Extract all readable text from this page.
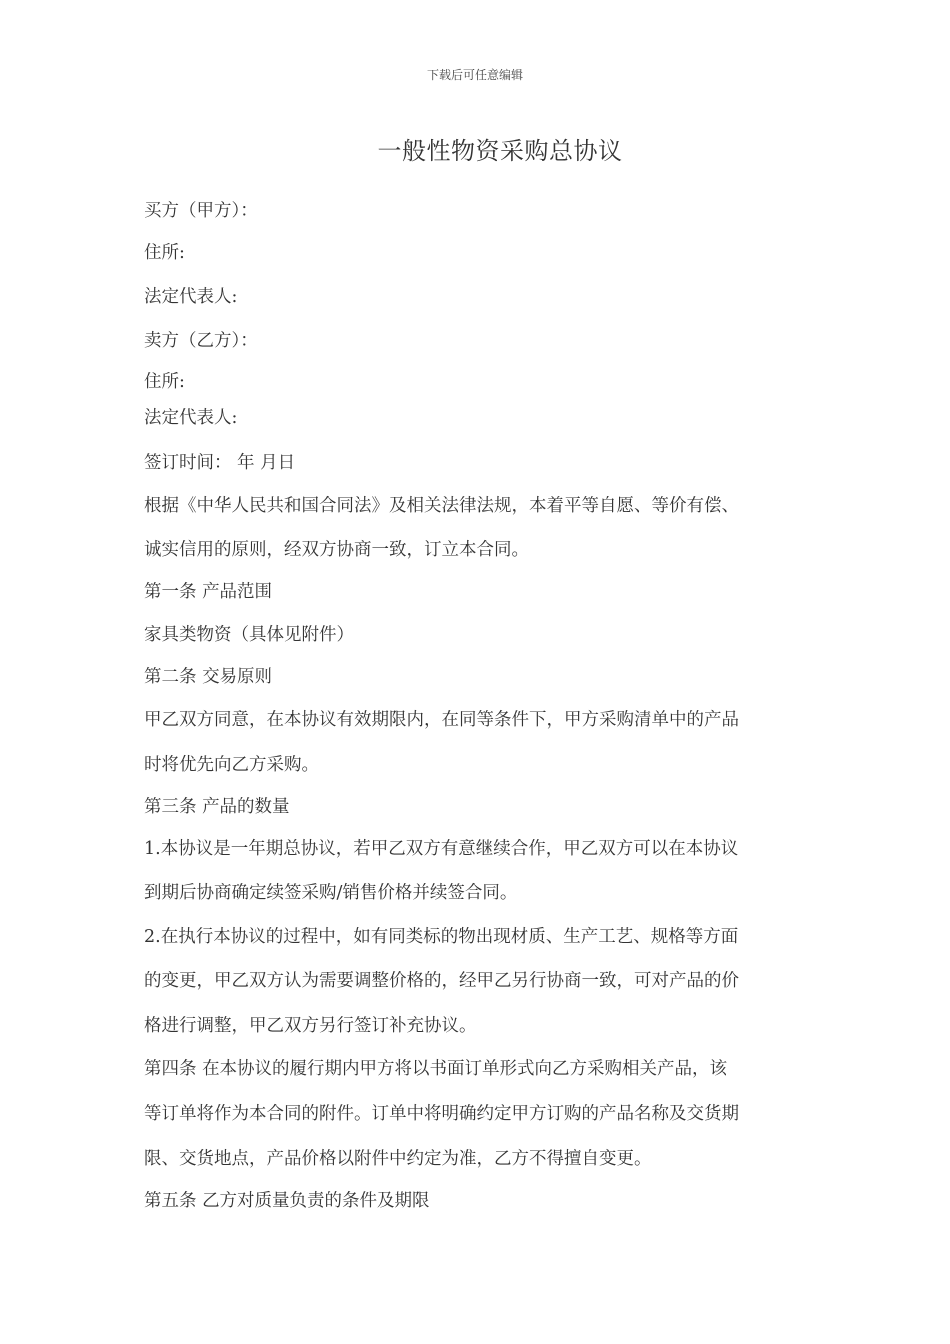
下载后可任意编辑
一般性物资采购总协议
买方（甲方）：
住所:
法定代表人:
卖方（乙方）：
住所:
法定代表人:
签订时间： 年 月日
根据《中华人民共和国合同法》及相关法律法规，本着平等自愿、等价有偿、
诚实信用的原则，经双方协商一致，订立本合同。
第一条 产品范围
家具类物资（具体见附件）
第二条 交易原则
甲乙双方同意，在本协议有效期限内，在同等条件下，甲方采购清单中的产品
时将优先向乙方采购。
第三条 产品的数量
1.本协议是一年期总协议，若甲乙双方有意继续合作，甲乙双方可以在本协议
到期后协商确定续签采购/销售价格并续签合同。
2.在执行本协议的过程中，如有同类标的物出现材质、生产工艺、规格等方面
的变更，甲乙双方认为需要调整价格的，经甲乙另行协商一致，可对产品的价
格进行调整，甲乙双方另行签订补充协议。
第四条 在本协议的履行期内甲方将以书面订单形式向乙方采购相关产品，该
等订单将作为本合同的附件。订单中将明确约定甲方订购的产品名称及交货期
限、交货地点，产品价格以附件中约定为准，乙方不得擅自变更。
第五条 乙方对质量负责的条件及期限
